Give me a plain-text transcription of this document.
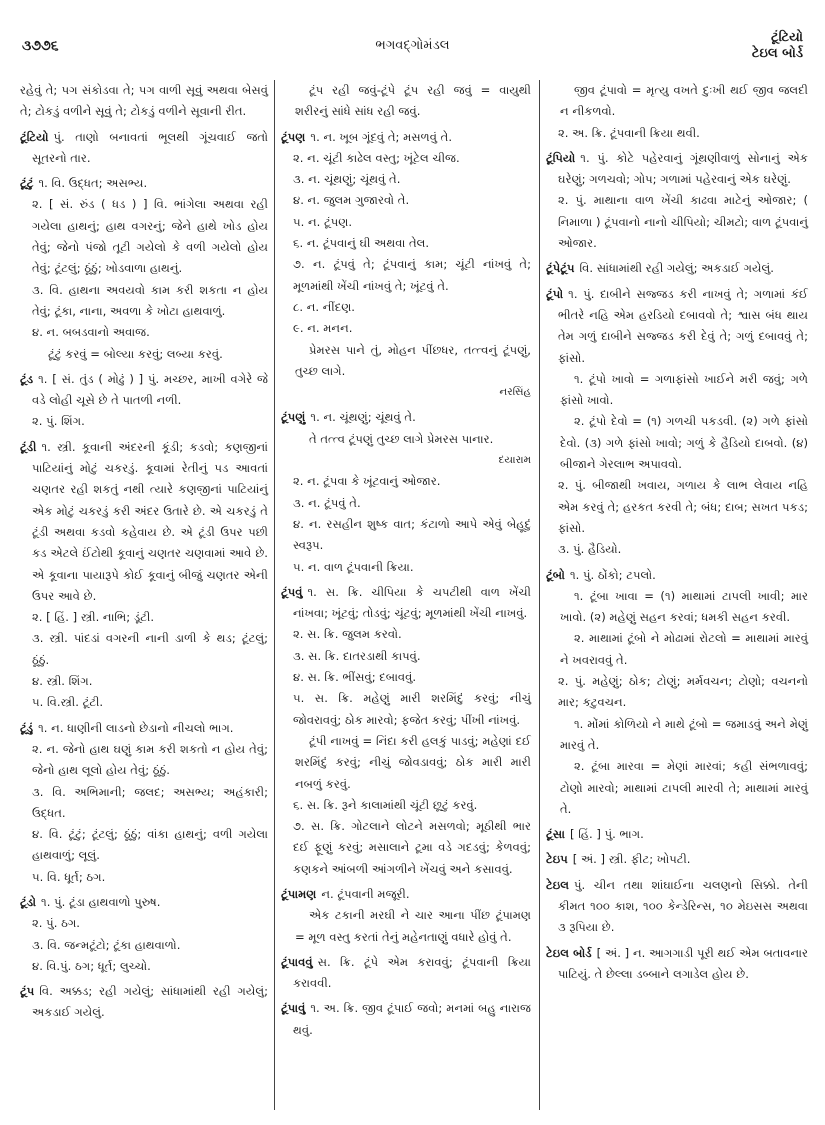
૩૭૭૬	ભગવદ્ગોમંડલ
ટૂંટિયો
ટેઇલ બોર્ડ

રહેવું તે; પગ સંકોડવા તે; પગ વાળી સૂવું અથવા બેસવું તે; ટોકડું વળીને સૂવું તે; ટોકડું વળીને સૂવાની રીત.

ટૂંટિયો પું. તાણો બનાવતાં ભૂલથી ગૂંચવાઈ જતો સૂતરનો તાર.

ટૂંટું ૧. વિ. ઉદ્ધત; અસભ્ય.

૨. [ સં. રુંડ ( ધડ ) ] વિ. ભાંગેલા અથવા રહી ગયેલા હાથનું; હાથ વગરનું; જેને હાથે ખોડ હોય તેવું; જેનો પંજો તૂટી ગયેલો કે વળી ગયેલો હોય તેવું; ટૂંટલું; ઠૂંઠું; ખોડવાળા હાથનું.

૩. વિ. હાથના અવયવો કામ કરી શકતા ન હોય તેવું; ટૂંકા, નાના, અવળા કે ખોટા હાથવાળું.

૪. ન. બબડવાનો અવાજ.

ટૂંટું કરવું = બોલ્યા કરવું; લબ્યા કરવું.

ટૂંડ ૧. [ સં. તુંડ ( મોઢું ) ] પું. મચ્છર, માખી વગેરે જે વડે લોહી ચૂસે છે તે પાતળી નળી.

૨. પું. શિંગ.

ટૂંડી ૧. સ્ત્રી. કૂવાની અંદરની કૂંડી; કડવો; કણજીનાં પાટિયાંનું મોટું ચકરડું. કૂવામાં રેતીનું પડ આવતાં ચણતર રહી શકતું નથી ત્યારે કણજીનાં પાટિયાંનું એક મોટું ચકરડું કરી અંદર ઉતારે છે. એ ચકરડું તે ટૂંડી અથવા કડવો કહેવાય છે. એ ટૂંડી ઉપર પછી કડ એટલે ઈંટોથી કૂવાનું ચણતર ચણવામાં આવે છે. એ કૂવાના પાયારૂપે કોઈ કૂવાનું બીજું ચણતર એની ઉપર આવે છે.

૨. [ હિં. ] સ્ત્રી. નાભિ; ડૂંટી.

૩. સ્ત્રી. પાંદડાં વગરની નાની ડાળી કે થડ; ટૂંટલું; ઠૂંઠું.

૪. સ્ત્રી. શિંગ.

૫. વિ.સ્ત્રી. ટૂંટી.

ટૂંડું ૧. ન. ધાણીની લાડનો છેડાનો નીચલો ભાગ.

૨. ન. જેનો હાથ ઘણું કામ કરી શકતો ન હોય તેવું; જેનો હાથ લૂલો હોય તેવું; ઠૂંઠું.

૩. વિ. અભિમાની; જલદ; અસભ્ય; અહંકારી; ઉદ્ધત.

૪. વિ. ટૂંટું; ટૂંટલું; ઠૂંઠું; વાંકા હાથનું; વળી ગયેલા હાથવાળું; લૂલું.

૫. વિ. ધૂર્ત; ઠગ.

ટૂંડો ૧. પું. ટૂંડા હાથવાળો પુરુષ.

૨. પું. ઠગ.

૩. વિ. જન્મટૂંટો; ટૂંકા હાથવાળો.

૪. વિ.પું. ઠગ; ધૂર્ત; લુચ્ચો.

ટૂંપ વિ. અક્કડ; રહી ગયેલું; સાંધામાંથી રહી ગયેલું; અકડાઈ ગયેલું.

ટૂંપ રહી જવું-ટૂંપે ટૂંપ રહી જવું = વાયુથી શરીરનું સાંધે સાંધ રહી જવું.

ટૂંપણ ૧. ન. ખૂબ ગૂંદવું તે; મસળવું તે.

૨. ન. ચૂંટી કાઢેલ વસ્તુ; ખૂંટેલ ચીજ.

૩. ન. ચૂંથણું; ચૂંથવું તે.

૪. ન. જુલમ ગુજારવો તે.

૫. ન. ટૂંપણ.

૬. ન. ટૂંપવાનું ઘી અથવા તેલ.

૭. ન. ટૂંપવું તે; ટૂંપવાનું કામ; ચૂંટી નાંખવું તે; મૂળમાંથી ખેંચી નાંખવું તે; ખૂંટવું તે.

૮. ન. નીંદણ.

૯. ન. મનન.

પ્રેમરસ પાને તું, મોહન પીંછધર, તત્ત્વનું ટૂંપણું, તુચ્છ લાગે.

નરસિંહ

ટૂંપણું ૧. ન. ચૂંથણું; ચૂંથવું તે.

તે તત્ત્વ ટૂંપણું તુચ્છ લાગે પ્રેમરસ પાનાર.

દયારામ

૨. ન. ટૂંપવા કે ખૂંટવાનું ઓજાર.

૩. ન. ટૂંપવું તે.

૪. ન. રસહીન શુષ્ક વાત; કંટાળો આપે એવું બેહૂદું સ્વરૂપ.

૫. ન. વાળ ટૂંપવાની ક્રિયા.

ટૂંપવું ૧. સ. ક્રિ. ચીપિયા કે ચપટીથી વાળ ખેંચી નાંખવા; ખૂંટવું; તોડવું; ચૂંટવું; મૂળમાંથી ખેંચી નાખવું.

૨. સ. ક્રિ. જુલમ કરવો.

૩. સ. ક્રિ. દાતરડાથી કાપવું.

૪. સ. ક્રિ. ભીંસવું; દબાવવું.

૫. સ. ક્રિ. મહેણું મારી શરમિંદું કરવું; નીચું જોવરાવવું; ઠોક મારવો; ફજેત કરવું; પીંખી નાંખવું.

ટૂંપી નાખવું = નિંદા કરી હલકું પાડવું; મહેણાં દઈ શરમિંદું કરવું; નીચું જોવડાવવું; ઠોક મારી મારી નબળું કરવું.

૬. સ. ક્રિ. રૂને કાલામાંથી ચૂંટી છૂટું કરવું.

૭. સ. ક્રિ. ગોટલાને લોટને મસળવો; મૂઠીથી ભાર દઈ ફૂણું કરવું; મસાલાને ટૂમા વડે ગદડવું; કેળવવું; કણકને આંબળી આંગળીને ખેંચવું અને કસાવવું.

ટૂંપામણ ન. ટૂંપવાની મજૂરી.

એક ટકાની મરઘી ને ચાર આના પીંછ ટૂંપામણ = મૂળ વસ્તુ કરતાં તેનું મહેનતાણું વધારે હોવું તે.

ટૂંપાવવું સ. ક્રિ. ટૂંપે એમ કરાવવું; ટૂંપવાની ક્રિયા કરાવવી.

ટૂંપાવું ૧. અ. ક્રિ. જીવ ટૂંપાઈ જવો; મનમાં બહુ નારાજ થવું.

જીવ ટૂંપાવો = મૃત્યુ વખતે દુઃખી થઈ જીવ જલદી ન નીકળવો.

૨. અ. ક્રિ. ટૂંપવાની ક્રિયા થવી.

ટૂંપિયો ૧. પું. કોટે પહેરવાનું ગૂંથણીવાળું સોનાનું એક ઘરેણું; ગળચવો; ગોપ; ગળામાં પહેરવાનું એક ઘરેણું.

૨. પું. માથાના વાળ ખેંચી કાઢવા માટેનું ઓજાર; ( નિમાળા ) ટૂંપવાનો નાનો ચીપિયો; ચીમટો; વાળ ટૂંપવાનું ઓજાર.

ટૂંપેટૂંપ વિ. સાંધામાંથી રહી ગયેલું; અકડાઈ ગયેલું.

ટૂંપો ૧. પું. દાબીને સજ્જડ કરી નાખવું તે; ગળામાં કંઈ ભીતરે નહિ એમ હરડિયો દબાવવો તે; શ્વાસ બંધ થાય તેમ ગળું દાબીને સજ્જડ કરી દેવું તે; ગળું દબાવવું તે; ફાંસો.

૧. ટૂંપો ખાવો = ગળાફાંસો ખાઈને મરી જવું; ગળે ફાંસો ખાવો.

૨. ટૂંપો દેવો = (૧) ગળચી પકડવી. (૨) ગળે ફાંસો દેવો. (૩) ગળે ફાંસો ખાવો; ગળું કે હૈડિયો દાબવો. (૪) બીજાને ગેરલાભ અપાવવો.

૨. પું. બીજાથી ખવાય, ગળાય કે લાભ લેવાય નહિ એમ કરવું તે; હરકત કરવી તે; બંધ; દાબ; સખત પકડ; ફાંસો.

૩. પું. હૈડિયો.

ટૂંબો ૧. પું. ઠોંકો; ટપલો.

૧. ટૂંબા ખાવા = (૧) માથામાં ટાપલી ખાવી; માર ખાવો. (૨) મહેણું સહન કરવાં; ધમકી સહન કરવી.

૨. માથામાં ટૂંબો ને મોઢામાં રોટલો = માથામાં મારવું ને ખવરાવવું તે.

૨. પું. મહેણું; ઠોક; ટોણું; મર્મવચન; ટોણો; વચનનો માર; કટુવચન.

૧. મોંમાં કોળિયો ને માથે ટૂંબો = જમાડવું અને મેણું મારવું તે.

૨. ટૂંબા મારવા = મેણાં મારવાં; કહી સંભળાવવું; ટોણો મારવો; માથામાં ટાપલી મારવી તે; માથામાં મારવું તે.

ટૂંસા [ હિં. ] પું. ભાગ.

ટેઇપ [ અં. ] સ્ત્રી. ફીટ; ખોપટી.

ટેઇલ પું. ચીન તથા શાંઘાઈના ચલણનો સિક્કો. તેની કીમત ૧૦૦ કાશ, ૧૦૦ કેન્ડેરિન્સ, ૧૦ મેઇસસ અથવા ૩ રૂપિયા છે.

ટેઇલ બોર્ડ [ અં. ] ન. આગગાડી પૂરી થઈ એમ બતાવનાર પાટિયું. તે છેલ્લા ડબ્બાને લગાડેલ હોય છે.
